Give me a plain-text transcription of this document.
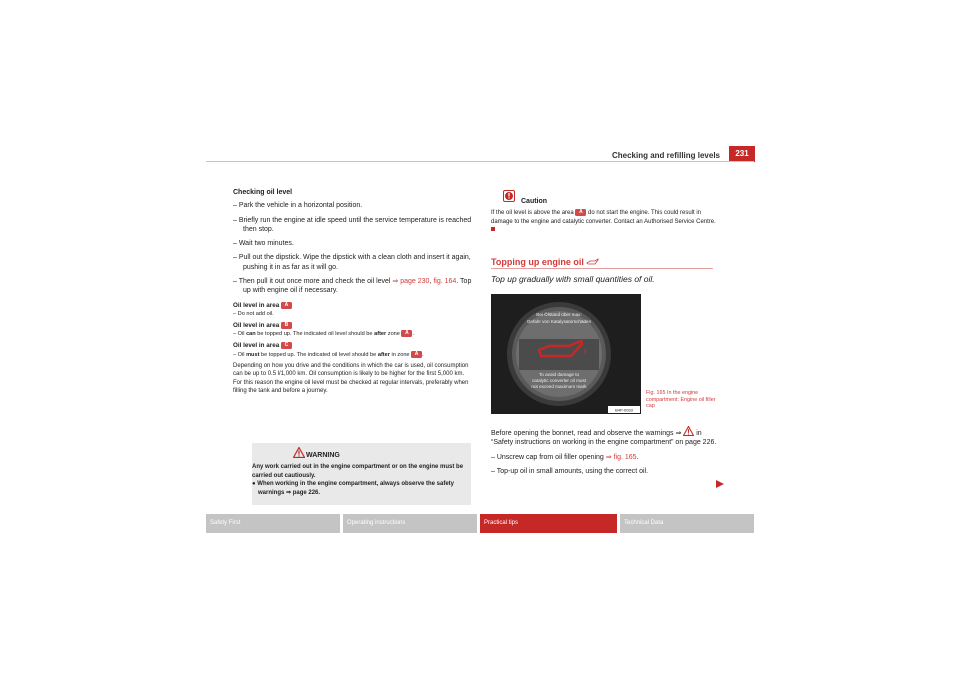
Checking and refilling levels	231
Checking oil level
– Park the vehicle in a horizontal position.
– Briefly run the engine at idle speed until the service temperature is reached then stop.
– Wait two minutes.
– Pull out the dipstick. Wipe the dipstick with a clean cloth and insert it again, pushing it in as far as it will go.
– Then pull it out once more and check the oil level ⇒ page 230, fig. 164. Top up with engine oil if necessary.
Oil level in area A
– Do not add oil.
Oil level in area B
– Oil can be topped up. The indicated oil level should be after zone A .
Oil level in area C
– Oil must be topped up. The indicated oil level should be after in zone A .
Depending on how you drive and the conditions in which the car is used, oil consumption can be up to 0.5 l/1,000 km. Oil consumption is likely to be higher for the first 5,000 km. For this reason the engine oil level must be checked at regular intervals, preferably when filling the tank and before a journey.
WARNING
Any work carried out in the engine compartment or on the engine must be carried out cautiously.
● When working in the engine compartment, always observe the safety warnings ⇒ page 226.
Caution
If the oil level is above the area A do not start the engine. This could result in damage to the engine and catalytic converter. Contact an Authorised Service Centre.
Topping up engine oil
Top up gradually with small quantities of oil.
Bei Ölstand über max:
Gefahr von Katalysatorschäden
To avoid damage to
catalytic converter oil must
not exceed maximum mark
B4P-0033
Fig. 165 In the engine compartment: Engine oil filler cap
Before opening the bonnet, read and observe the warnings ⇒  in “Safety instructions on working in the engine compartment” on page 226.
– Unscrew cap from oil filler opening ⇒ fig. 165.
– Top-up oil in small amounts, using the correct oil.
Safety First	Operating instructions	Practical tips	Technical Data
